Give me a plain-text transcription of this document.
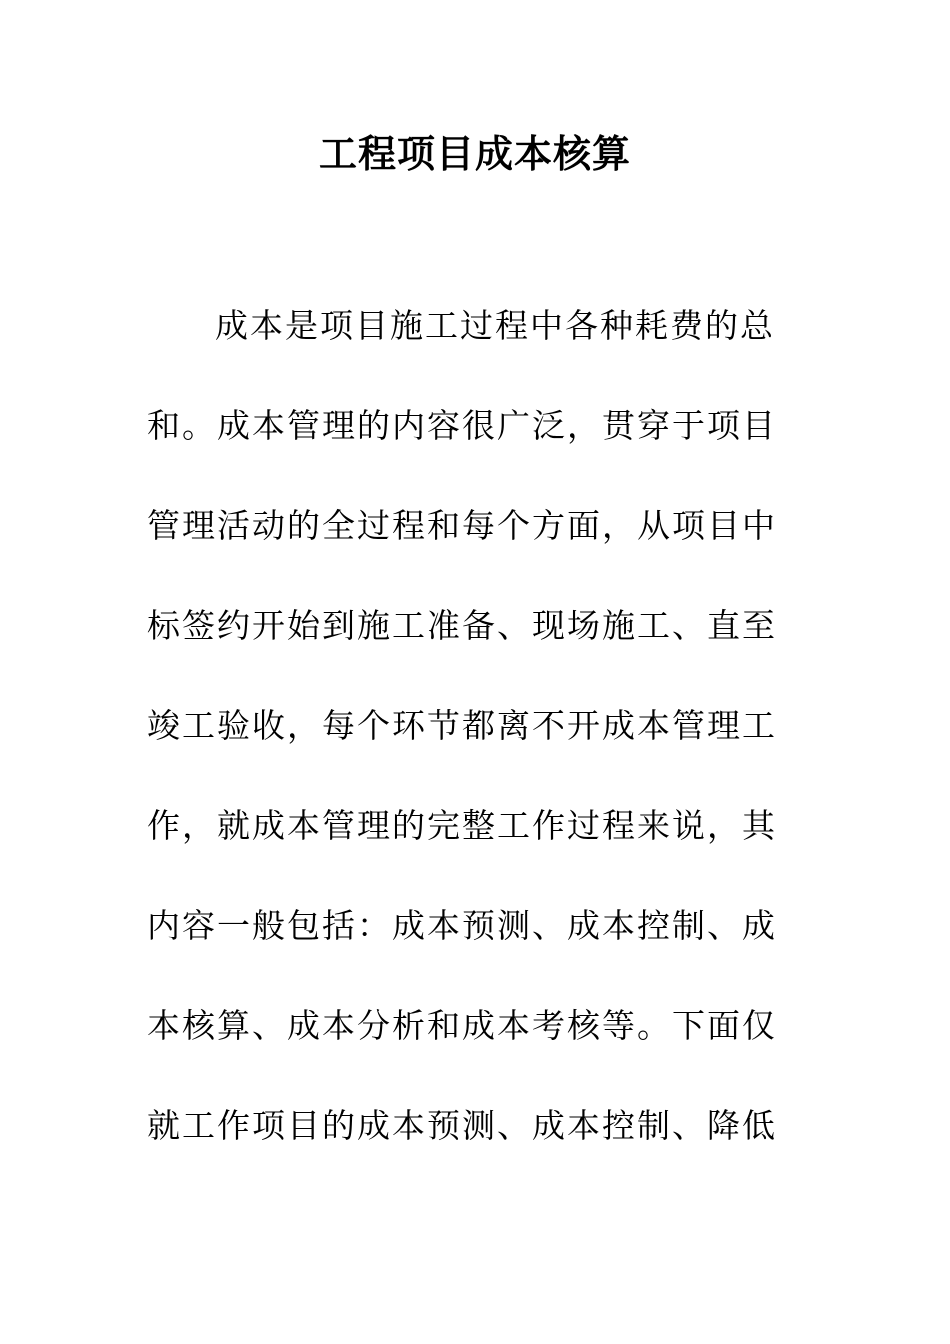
工程项目成本核算
成本是项目施工过程中各种耗费的总
和。成本管理的内容很广泛，贯穿于项目
管理活动的全过程和每个方面，从项目中
标签约开始到施工准备、现场施工、直至
竣工验收，每个环节都离不开成本管理工
作，就成本管理的完整工作过程来说，其
内容一般包括：成本预测、成本控制、成
本核算、成本分析和成本考核等。下面仅
就工作项目的成本预测、成本控制、降低
